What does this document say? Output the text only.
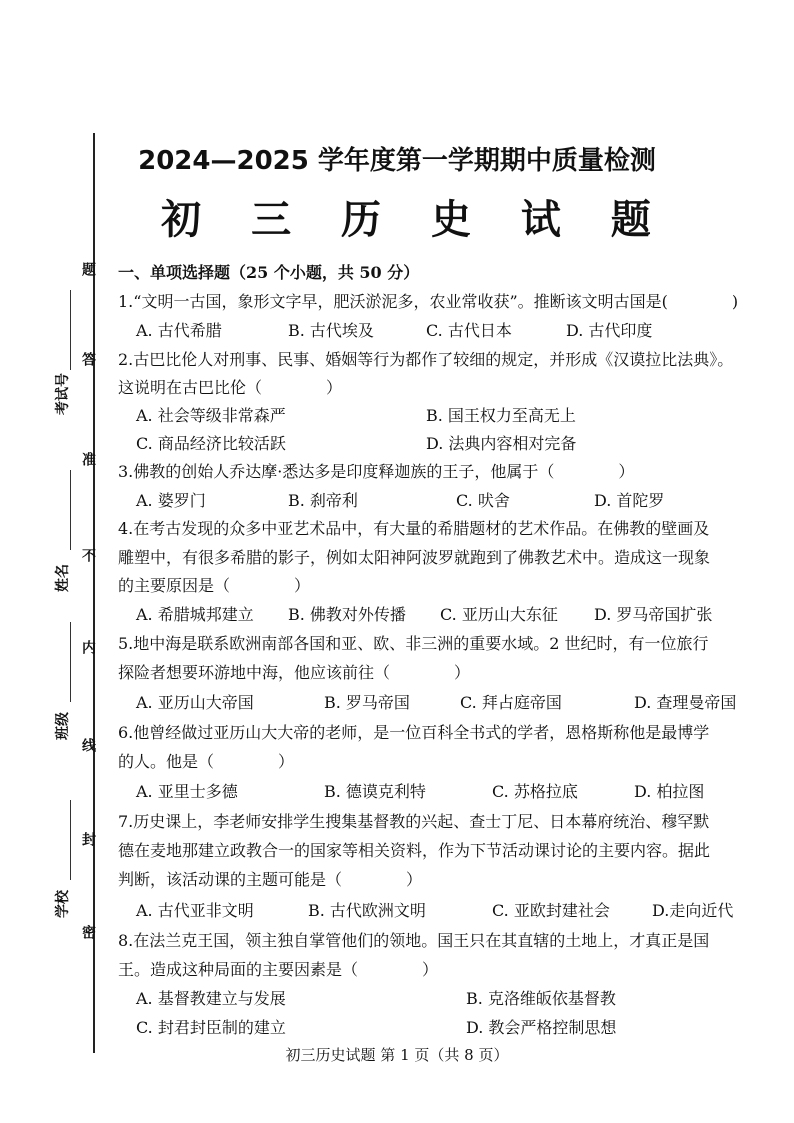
题
答
准
不
内
线
封
密
考试号
姓名
班级
学校
2024—2025 学年度第一学期期中质量检测
初 三 历 史 试 题
一、单项选择题（25 个小题，共 50 分）
1.“文明一古国，象形文字早，肥沃淤泥多，农业常收获”。推断该文明古国是(　　　　)
A. 古代希腊	B. 古代埃及	C. 古代日本	D. 古代印度
2.古巴比伦人对刑事、民事、婚姻等行为都作了较细的规定，并形成《汉谟拉比法典》。
这说明在古巴比伦（　　　　）
A. 社会等级非常森严	B. 国王权力至高无上
C. 商品经济比较活跃	D. 法典内容相对完备
3.佛教的创始人乔达摩·悉达多是印度释迦族的王子，他属于（　　　　）
A. 婆罗门	B. 刹帝利	C. 吠舍	D. 首陀罗
4.在考古发现的众多中亚艺术品中，有大量的希腊题材的艺术作品。在佛教的壁画及
雕塑中，有很多希腊的影子，例如太阳神阿波罗就跑到了佛教艺术中。造成这一现象
的主要原因是（　　　　）
A. 希腊城邦建立 B. 佛教对外传播 C. 亚历山大东征 D. 罗马帝国扩张
5.地中海是联系欧洲南部各国和亚、欧、非三洲的重要水域。2 世纪时，有一位旅行
探险者想要环游地中海，他应该前往（　　　　）
A. 亚历山大帝国	B. 罗马帝国	C. 拜占庭帝国	D. 查理曼帝国
6.他曾经做过亚历山大大帝的老师，是一位百科全书式的学者，恩格斯称他是最博学
的人。他是（　　　　）
A. 亚里士多德	B. 德谟克利特	C. 苏格拉底	D. 柏拉图
7.历史课上，李老师安排学生搜集基督教的兴起、查士丁尼、日本幕府统治、穆罕默
德在麦地那建立政教合一的国家等相关资料，作为下节活动课讨论的主要内容。据此
判断，该活动课的主题可能是（　　　　）
A. 古代亚非文明	B. 古代欧洲文明	C. 亚欧封建社会	D.走向近代
8.在法兰克王国，领主独自掌管他们的领地。国王只在其直辖的土地上，才真正是国
王。造成这种局面的主要因素是（　　　　）
A. 基督教建立与发展	B. 克洛维皈依基督教
C. 封君封臣制的建立	D. 教会严格控制思想
初三历史试题 第 1 页（共 8 页）
